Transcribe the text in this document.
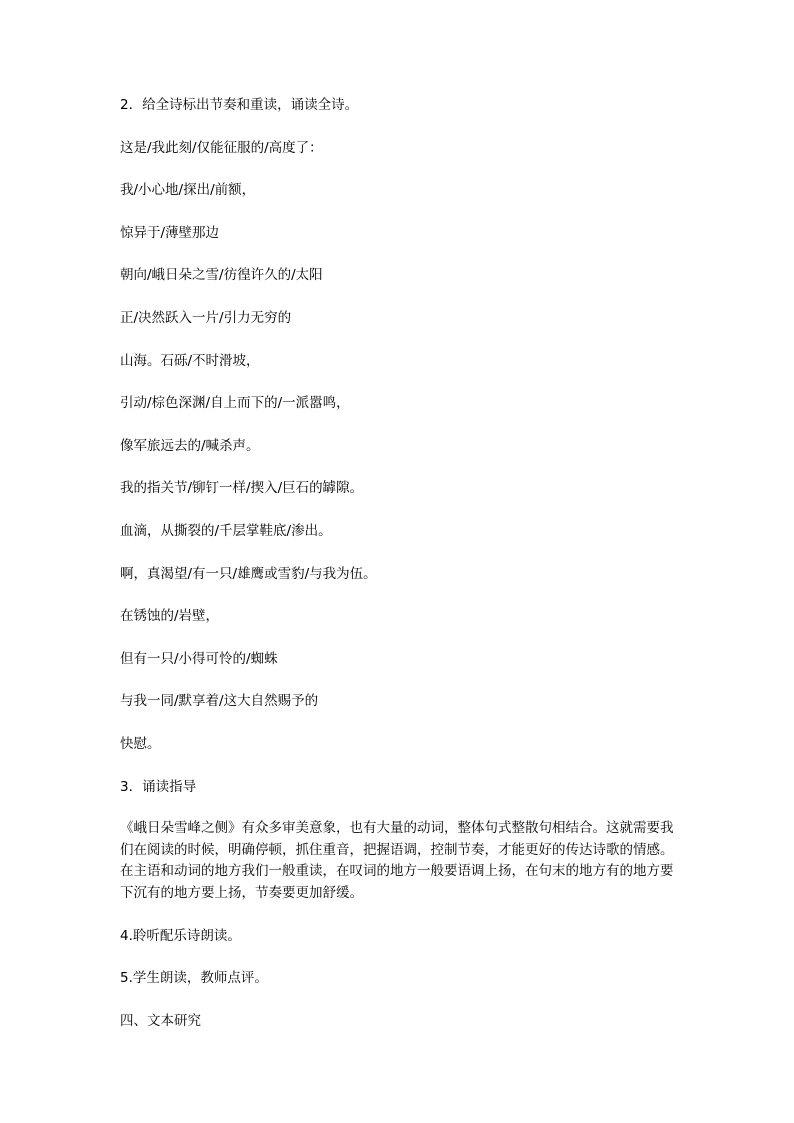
2．给全诗标出节奏和重读，诵读全诗。
这是/我此刻/仅能征服的/高度了：
我/小心地/探出/前额，
惊异于/薄壁那边
朝向/峨日朵之雪/彷徨许久的/太阳
正/决然跃入一片/引力无穷的
山海。石砾/不时滑坡，
引动/棕色深渊/自上而下的/一派嚣鸣，
像军旅远去的/喊杀声。
我的指关节/铆钉一样/揳入/巨石的罅隙。
血滴，从撕裂的/千层掌鞋底/渗出。
啊，真渴望/有一只/雄鹰或雪豹/与我为伍。
在锈蚀的/岩壁，
但有一只/小得可怜的/蜘蛛
与我一同/默享着/这大自然赐予的
快慰。
3．诵读指导
《峨日朵雪峰之侧》有众多审美意象，也有大量的动词，整体句式整散句相结合。这就需要我们在阅读的时候，明确停顿，抓住重音，把握语调，控制节奏，才能更好的传达诗歌的情感。在主语和动词的地方我们一般重读，在叹词的地方一般要语调上扬，在句末的地方有的地方要下沉有的地方要上扬，节奏要更加舒缓。
4.聆听配乐诗朗读。
5.学生朗读，教师点评。
四、文本研究
